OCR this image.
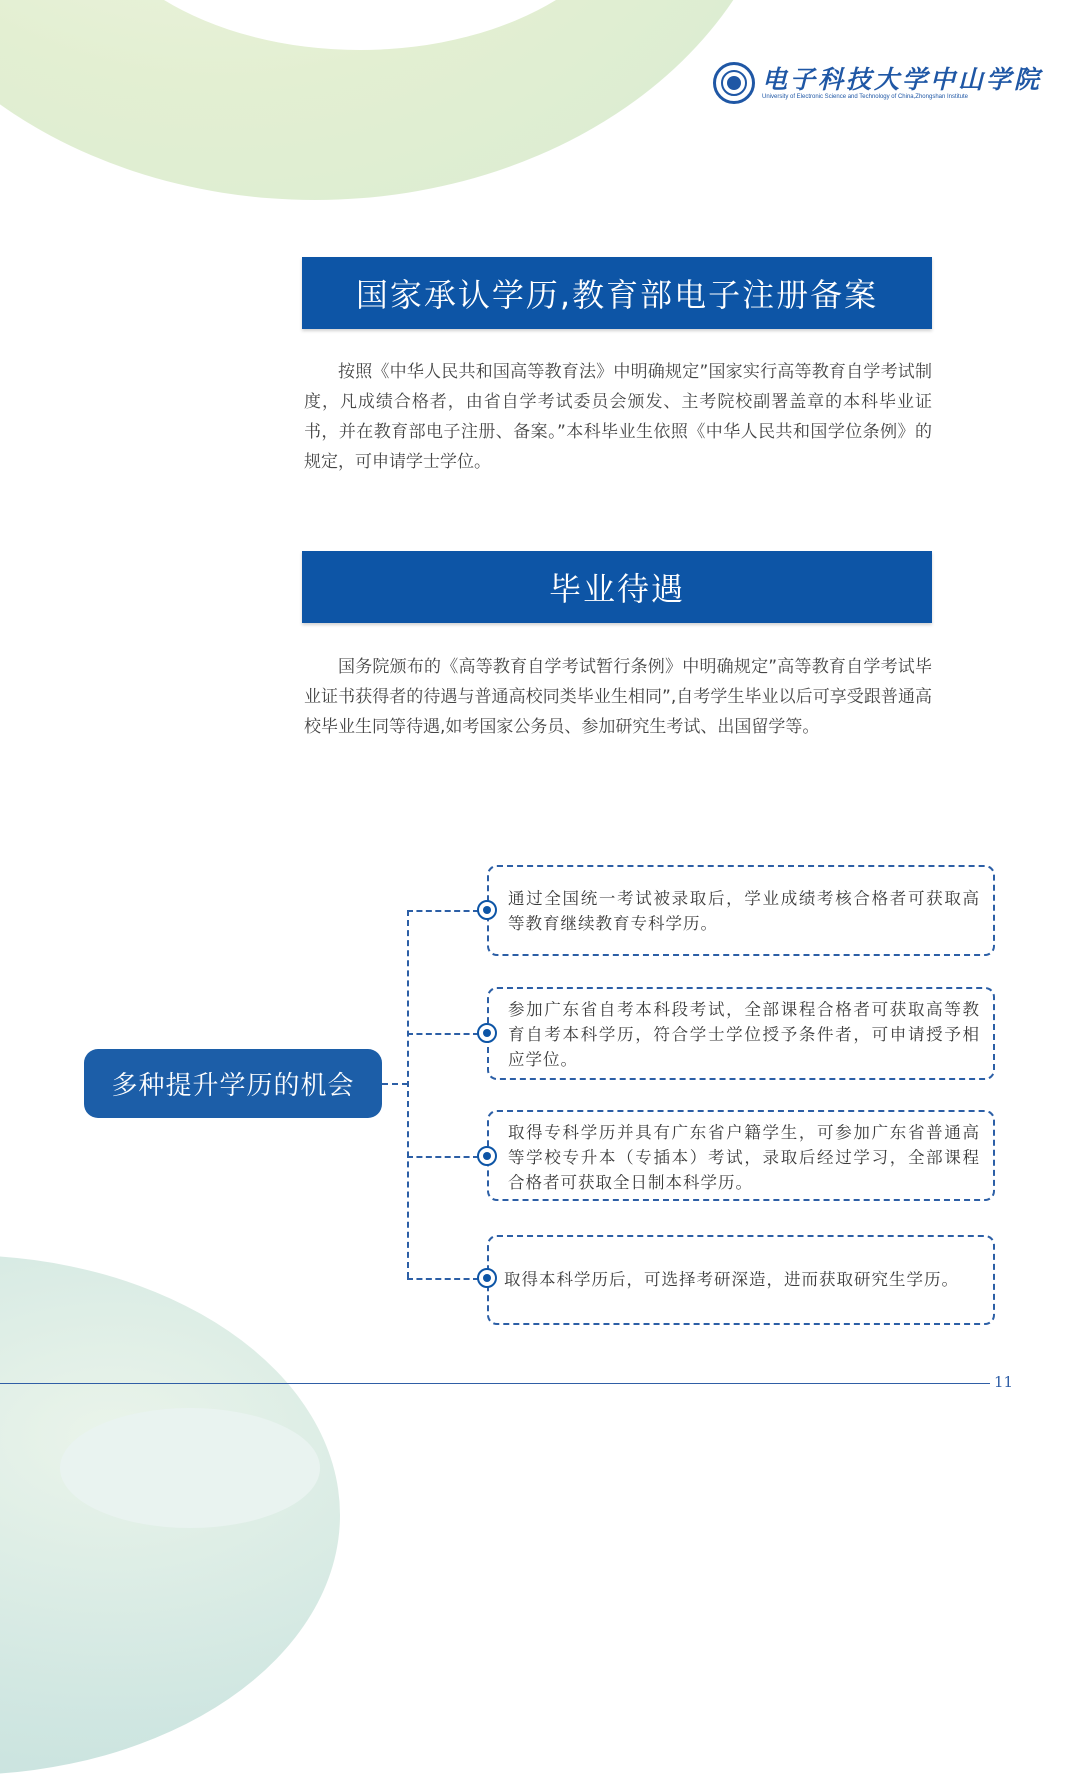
电子科技大学中山学院
University of Electronic Science and Technology of China,Zhongshan Institute
国家承认学历,教育部电子注册备案
按照《中华人民共和国高等教育法》中明确规定”国家实行高等教育自学考试制度，凡成绩合格者，由省自学考试委员会颁发、主考院校副署盖章的本科毕业证书，并在教育部电子注册、备案。”本科毕业生依照《中华人民共和国学位条例》的规定，可申请学士学位。
毕业待遇
国务院颁布的《高等教育自学考试暂行条例》中明确规定”高等教育自学考试毕业证书获得者的待遇与普通高校同类毕业生相同”,自考学生毕业以后可享受跟普通高校毕业生同等待遇,如考国家公务员、参加研究生考试、出国留学等。
多种提升学历的机会
通过全国统一考试被录取后，学业成绩考核合格者可获取高等教育继续教育专科学历。
参加广东省自考本科段考试，全部课程合格者可获取高等教育自考本科学历，符合学士学位授予条件者，可申请授予相应学位。
取得专科学历并具有广东省户籍学生，可参加广东省普通高等学校专升本（专插本）考试，录取后经过学习，全部课程合格者可获取全日制本科学历。
取得本科学历后，可选择考研深造，进而获取研究生学历。
11
